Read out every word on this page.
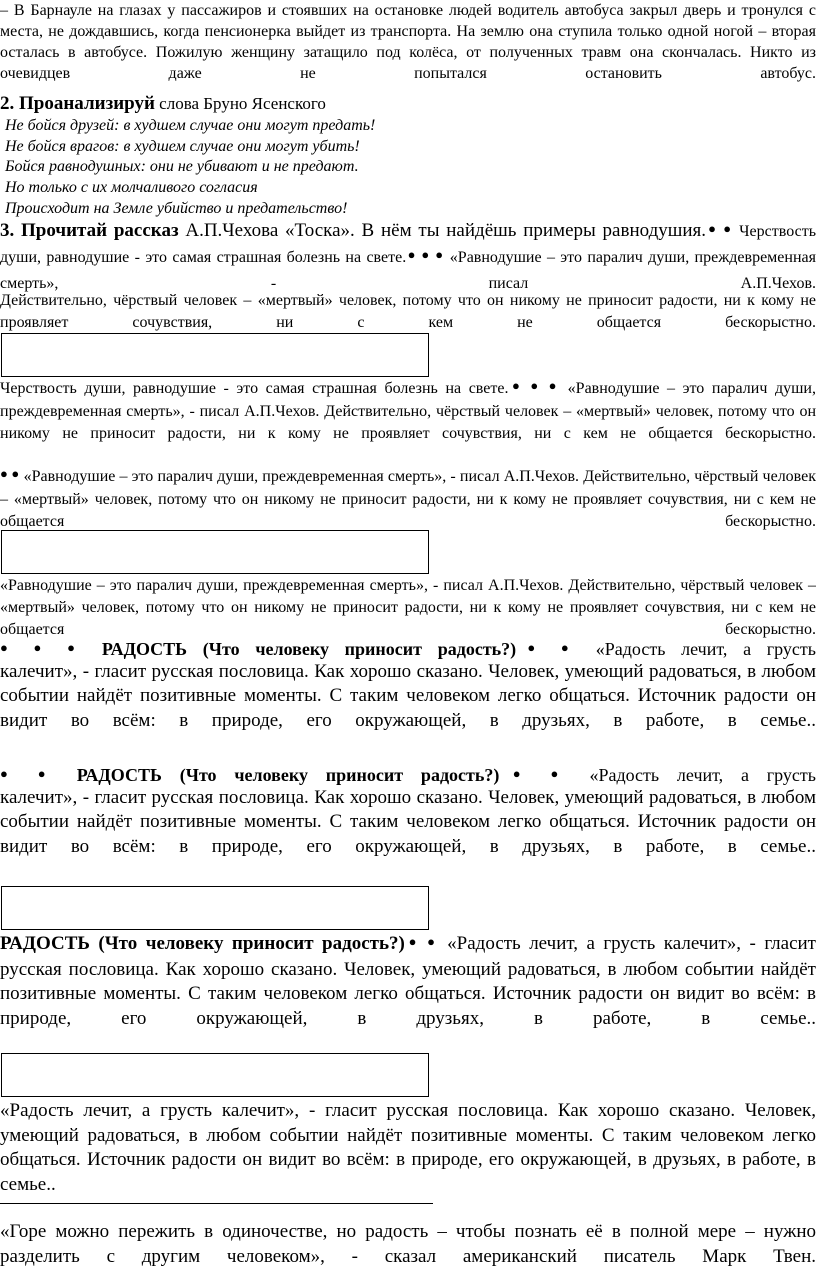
– В Барнауле на глазах у пассажиров и стоявших на остановке людей водитель автобуса закрыл дверь и тронулся с места, не дождавшись, когда пенсионерка выйдет из транспорта. На землю она ступила только одной ногой – вторая осталась в автобусе. Пожилую женщину затащило под колёса, от полученных травм она скончалась. Никто из очевидцев даже не попытался остановить автобус.

2. Проанализируй слова Бруно Ясенского

Не бойся друзей: в худшем случае они могут предать!
Не бойся врагов: в худшем случае они могут убить!
Бойся равнодушных: они не убивают и не предают.
Но только с их молчаливого согласия
Происходит на Земле убийство и предательство!

3. Прочитай рассказ А.П.Чехова «Тоска». В нём ты найдёшь примеры равнодушия.● ● Черствость души, равнодушие - это самая страшная болезнь на свете.● ● ● «Равнодушие – это паралич души, преждевременная смерть», - писал А.П.Чехов.

Действительно, чёрствый человек – «мертвый» человек, потому что он никому не приносит радости, ни к кому не проявляет сочувствия, ни с кем не общается бескорыстно.

Черствость души, равнодушие - это самая страшная болезнь на свете.● ● ● «Равнодушие – это паралич души, преждевременная смерть», - писал А.П.Чехов. Действительно, чёрствый человек – «мертвый» человек, потому что он никому не приносит радости, ни к кому не проявляет сочувствия, ни с кем не общается бескорыстно.

● ● «Равнодушие – это паралич души, преждевременная смерть», - писал А.П.Чехов. Действительно, чёрствый человек – «мертвый» человек, потому что он никому не приносит радости, ни к кому не проявляет сочувствия, ни с кем не общается бескорыстно.

«Равнодушие – это паралич души, преждевременная смерть», - писал А.П.Чехов. Действительно, чёрствый человек – «мертвый» человек, потому что он никому не приносит радости, ни к кому не проявляет сочувствия, ни с кем не общается бескорыстно.

● ● ● РАДОСТЬ (Что человеку приносит радость?)● ● «Радость лечит, а грусть

калечит», - гласит русская пословица. Как хорошо сказано. Человек, умеющий радоваться, в любом событии найдёт позитивные моменты. С таким человеком легко общаться. Источник радости он видит во всём: в природе, его окружающей, в друзьях, в работе, в семье..

● ● РАДОСТЬ (Что человеку приносит радость?)● ● «Радость лечит, а грусть

калечит», - гласит русская пословица. Как хорошо сказано. Человек, умеющий радоваться, в любом событии найдёт позитивные моменты. С таким человеком легко общаться. Источник радости он видит во всём: в природе, его окружающей, в друзьях, в работе, в семье..

РАДОСТЬ (Что человеку приносит радость?)● ● «Радость лечит, а грусть калечит», - гласит русская пословица. Как хорошо сказано. Человек, умеющий радоваться, в любом событии найдёт позитивные моменты. С таким человеком легко общаться. Источник радости он видит во всём: в природе, его окружающей, в друзьях, в работе, в семье..

«Радость лечит, а грусть калечит», - гласит русская пословица. Как хорошо сказано. Человек, умеющий радоваться, в любом событии найдёт позитивные моменты. С таким человеком легко общаться. Источник радости он видит во всём: в природе, его окружающей, в друзьях, в работе, в семье..

«Горе можно пережить в одиночестве, но радость – чтобы познать её в полной мере – нужно разделить с другим человеком», - сказал американский писатель Марк Твен.
